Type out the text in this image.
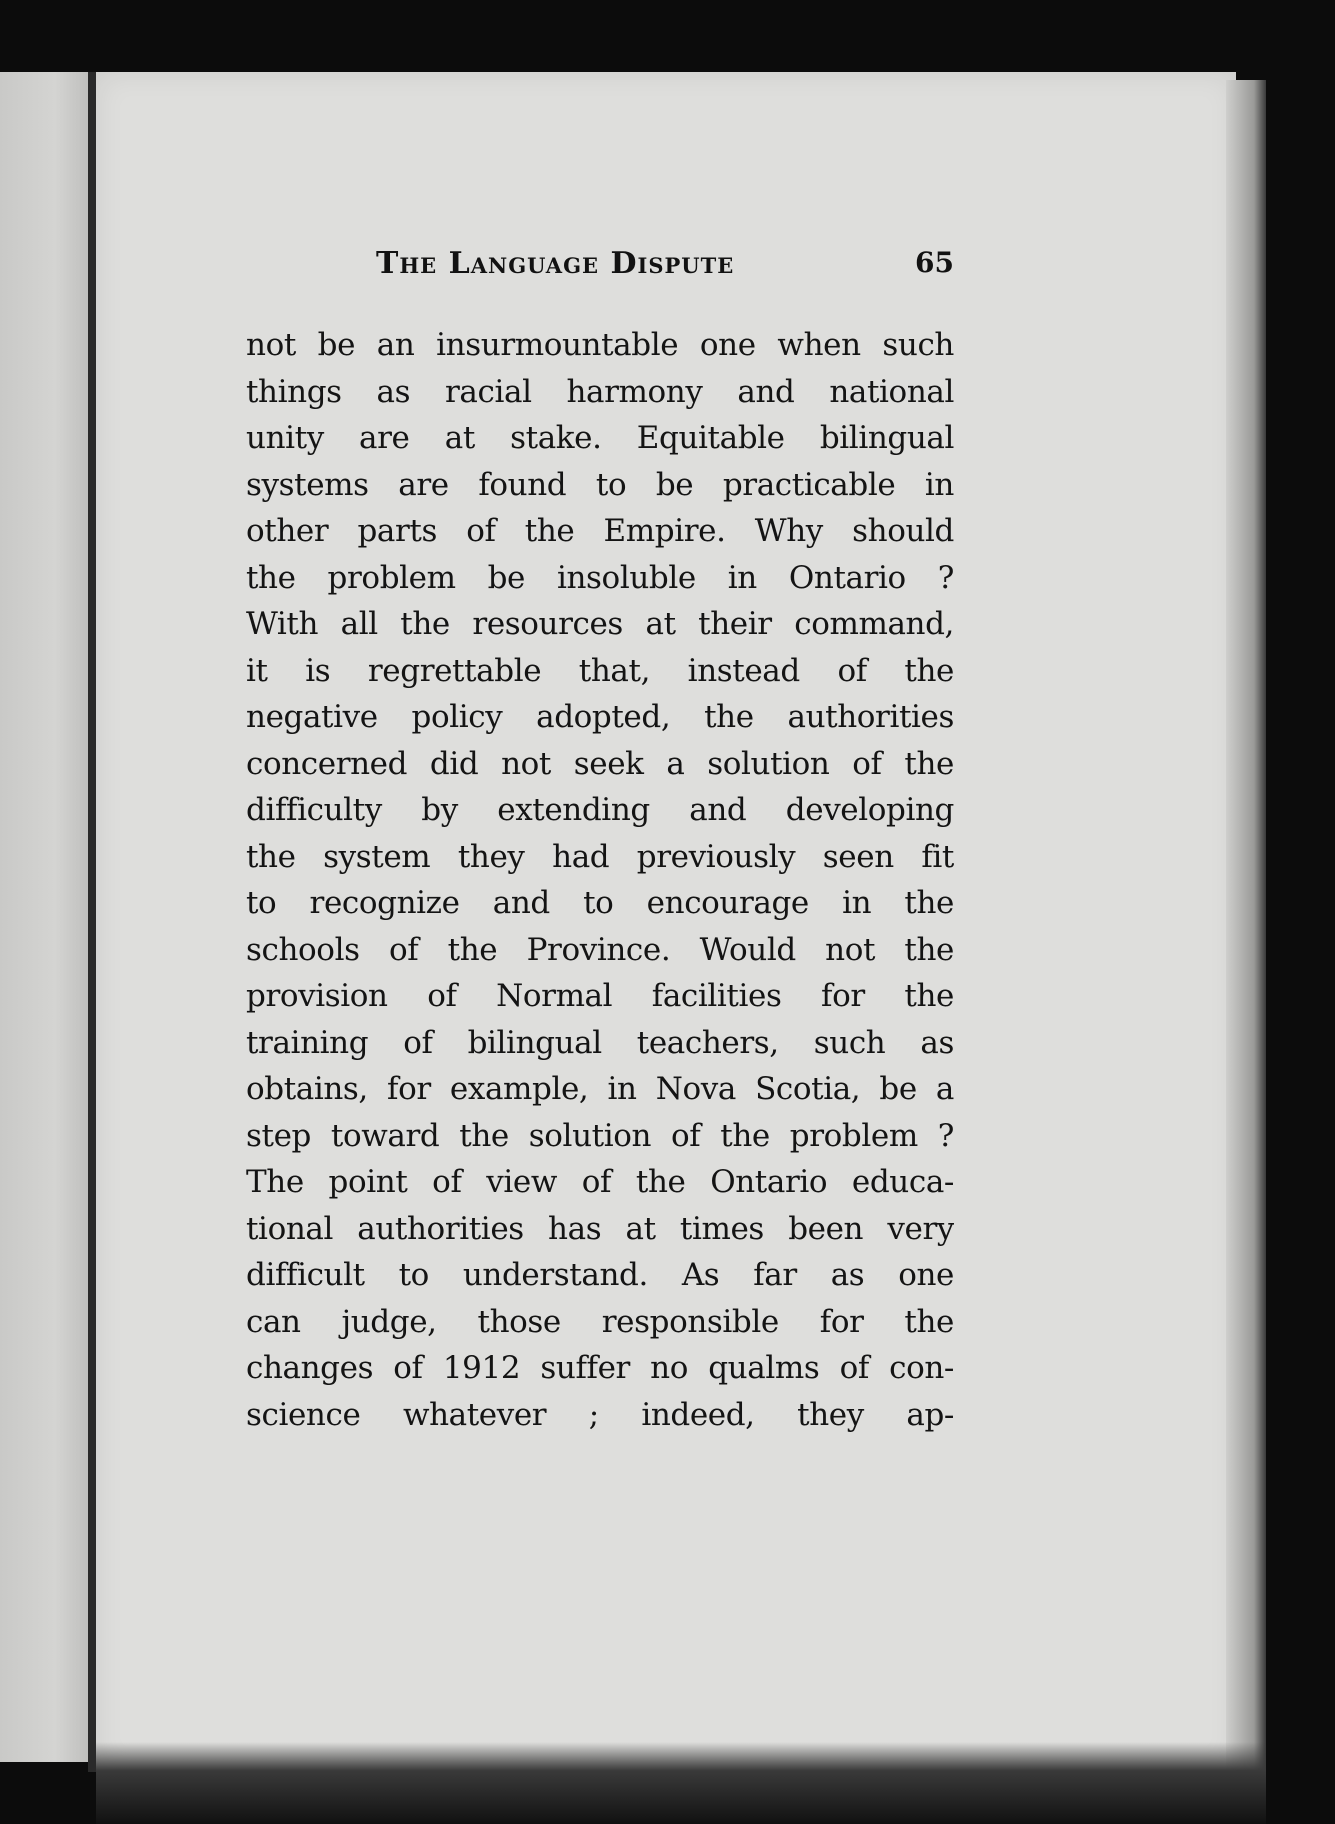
The Language Dispute	65
not be an insurmountable one when such
things as racial harmony and national
unity are at stake. Equitable bilingual
systems are found to be practicable in
other parts of the Empire. Why should
the problem be insoluble in Ontario ?
With all the resources at their command,
it is regrettable that, instead of the
negative policy adopted, the authorities
concerned did not seek a solution of the
difficulty by extending and developing
the system they had previously seen fit
to recognize and to encourage in the
schools of the Province. Would not the
provision of Normal facilities for the
training of bilingual teachers, such as
obtains, for example, in Nova Scotia, be a
step toward the solution of the problem ?
The point of view of the Ontario educa-
tional authorities has at times been very
difficult to understand. As far as one
can judge, those responsible for the
changes of 1912 suffer no qualms of con-
science whatever ; indeed, they ap-
